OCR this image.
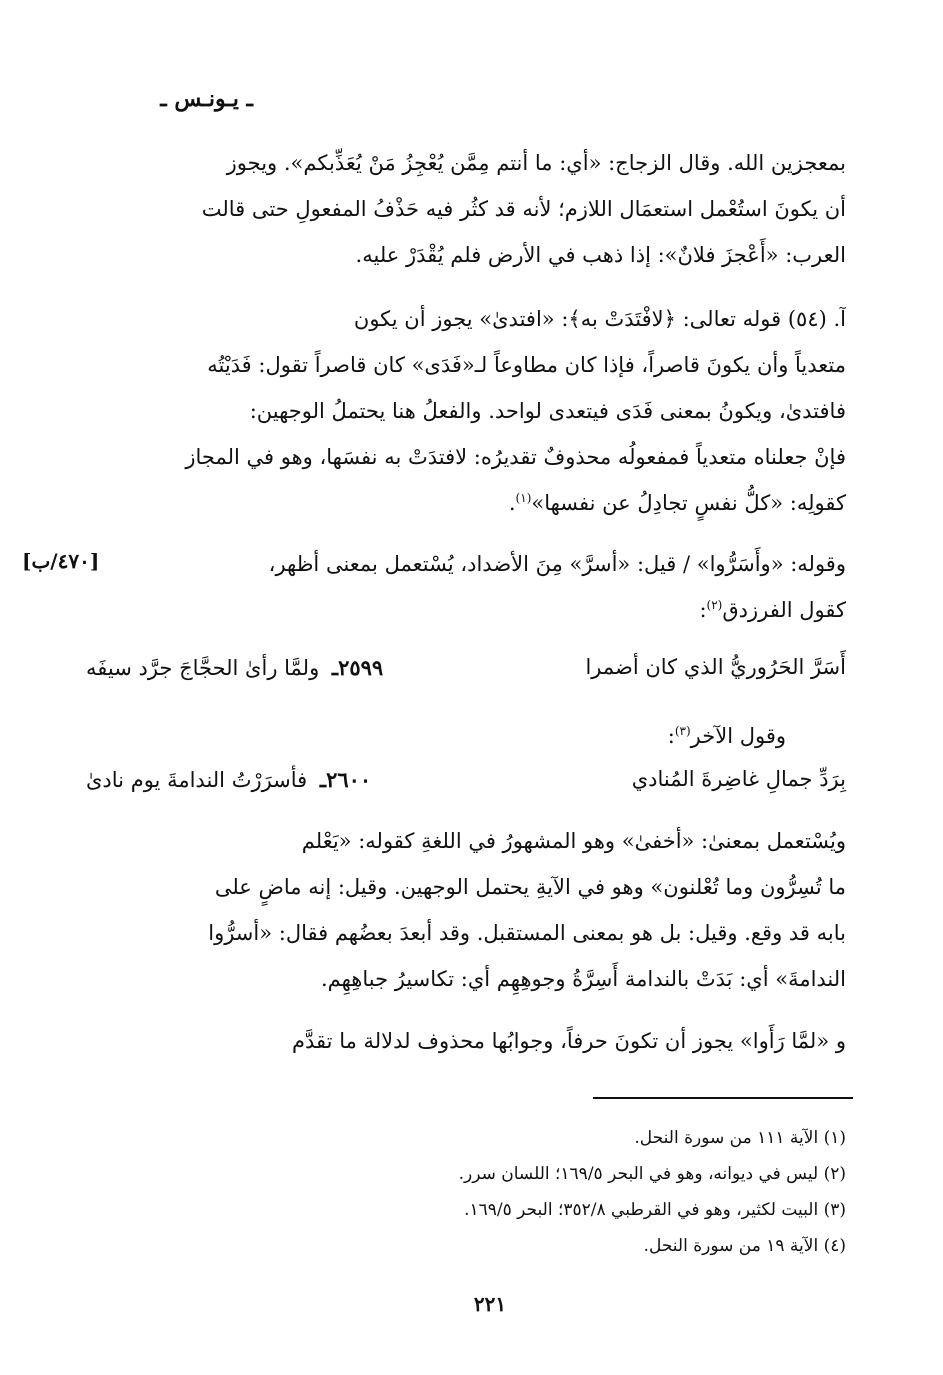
ـ يـونـس ـ
بمعجزين الله. وقال الزجاج: «أي: ما أنتم مِمَّن يُعْجِزُ مَنْ يُعَذِّبكم». ويجوز
أن يكونَ استُعْمل استعمَال اللازم؛ لأنه قد كثُر فيه حَذْفُ المفعولِ حتى قالت
العرب: «أَعْجزَ فلانٌ»: إذا ذهب في الأرض فلم يُقْدَرْ عليه.
آ. (٥٤) قوله تعالى: ﴿لافْتَدَتْ به﴾: «افتدىٰ» يجوز أن يكون
متعدياً وأن يكونَ قاصراً، فإذا كان مطاوعاً لـ«فَدَى» كان قاصراً تقول: فَدَيْتُه
فافتدىٰ، ويكونُ بمعنى فَدَى فيتعدى لواحد. والفعلُ هنا يحتملُ الوجهين:
فإنْ جعلناه متعدياً فمفعولُه محذوفٌ تقديرُه: لافتدَتْ به نفسَها، وهو في المجاز
كقولِه: «كلُّ نفسٍ تجادِلُ عن نفسها»$^{(١)}$.
[٤٧٠/ب]	وقوله: «وأَسَرُّوا» / قيل: «أسرَّ» مِنَ الأضداد، يُسْتعمل بمعنى أظهر،
كقول الفرزدق$^{(٢)}$:
٢٥٩٩ـ ولمَّا رأىٰ الحجَّاجَ جرَّد سيفَه	أَسَرَّ الحَرُوريُّ الذي كان أضمرا
وقول الآخر$^{(٣)}$:
٢٦٠٠ـ فأسرَرْتُ الندامةَ يوم نادىٰ	بِرَدِّ جمالِ غاضِرةَ المُنادي
ويُسْتعمل بمعنىٰ: «أخفىٰ» وهو المشهورُ في اللغةِ كقوله: «يَعْلم
ما تُسِرُّون وما تُعْلنون» وهو في الآيةِ يحتمل الوجهين. وقيل: إنه ماضٍ على
بابه قد وقع. وقيل: بل هو بمعنى المستقبل. وقد أبعدَ بعضُهم فقال: «أسرُّوا
الندامةَ» أي: بَدَتْ بالندامة أَسِرَّةُ وجوهِهِم أي: تكاسيرُ جباهِهِم.
و «لمَّا رَأَوا» يجوز أن تكونَ حرفاً، وجوابُها محذوف لدلالة ما تقدَّم
(١) الآية ١١١ من سورة النحل.
(٢) ليس في ديوانه، وهو في البحر ١٦٩/٥؛ اللسان سرر.
(٣) البيت لكثير، وهو في القرطبي ٣٥٢/٨؛ البحر ١٦٩/٥.
(٤) الآية ١٩ من سورة النحل.
٢٢١
